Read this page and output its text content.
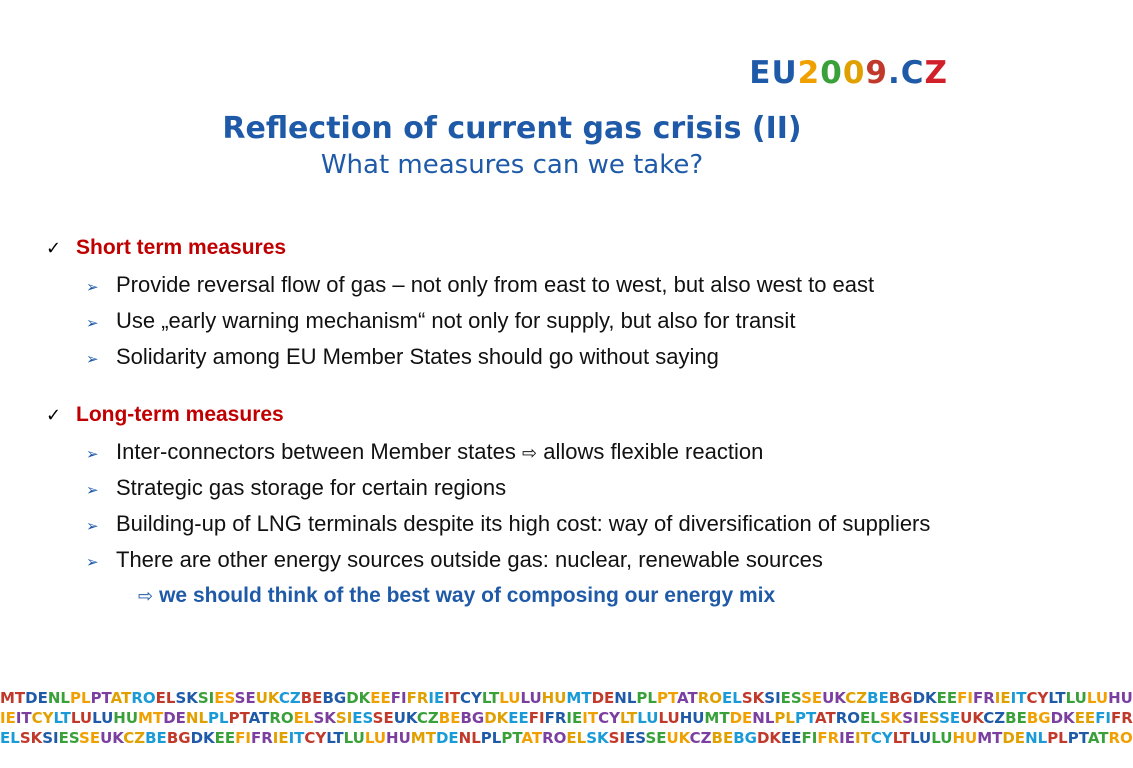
EU2009.CZ
Reflection of current gas crisis (II)
What measures can we take?
✓ Short term measures
➢ Provide reversal flow of gas – not only from east to west, but also west to east
➢ Use „early warning mechanism“ not only for supply, but also for transit
➢ Solidarity among EU Member States should go without saying
✓ Long-term measures
➢ Inter-connectors between Member states ⇨ allows flexible reaction
➢ Strategic gas storage for certain regions
➢ Building-up of LNG terminals despite its high cost: way of diversification of suppliers
➢ There are other energy sources outside gas: nuclear, renewable sources
⇨ we should think of the best way of composing our energy mix
MTDENLPLPTATROELSKSIESSEUKCZBEBGDKEEFIFRIEITCYLTLULUHUMTDENLPLPTATROELSKSIESSEUKCZBEBGDKEEFIFRIEITCYLTLULUHU
IEITCYLTLULUHUMTDENLPLPTATROELSKSIESSEUKCZBEBGDKEEFIFRIEITCYLTLULUHUMTDENLPLPTATROELSKSIESSEUKCZBEBGDKEEFIFR
ELSKSIESSEUKCZBEBGDKEEFIFRIEITCYLTLULUHUMTDENLPLPTATROELSKSIESSEUKCZBEBGDKEEFIFRIEITCYLTLULUHUMTDENLPLPTATRO
